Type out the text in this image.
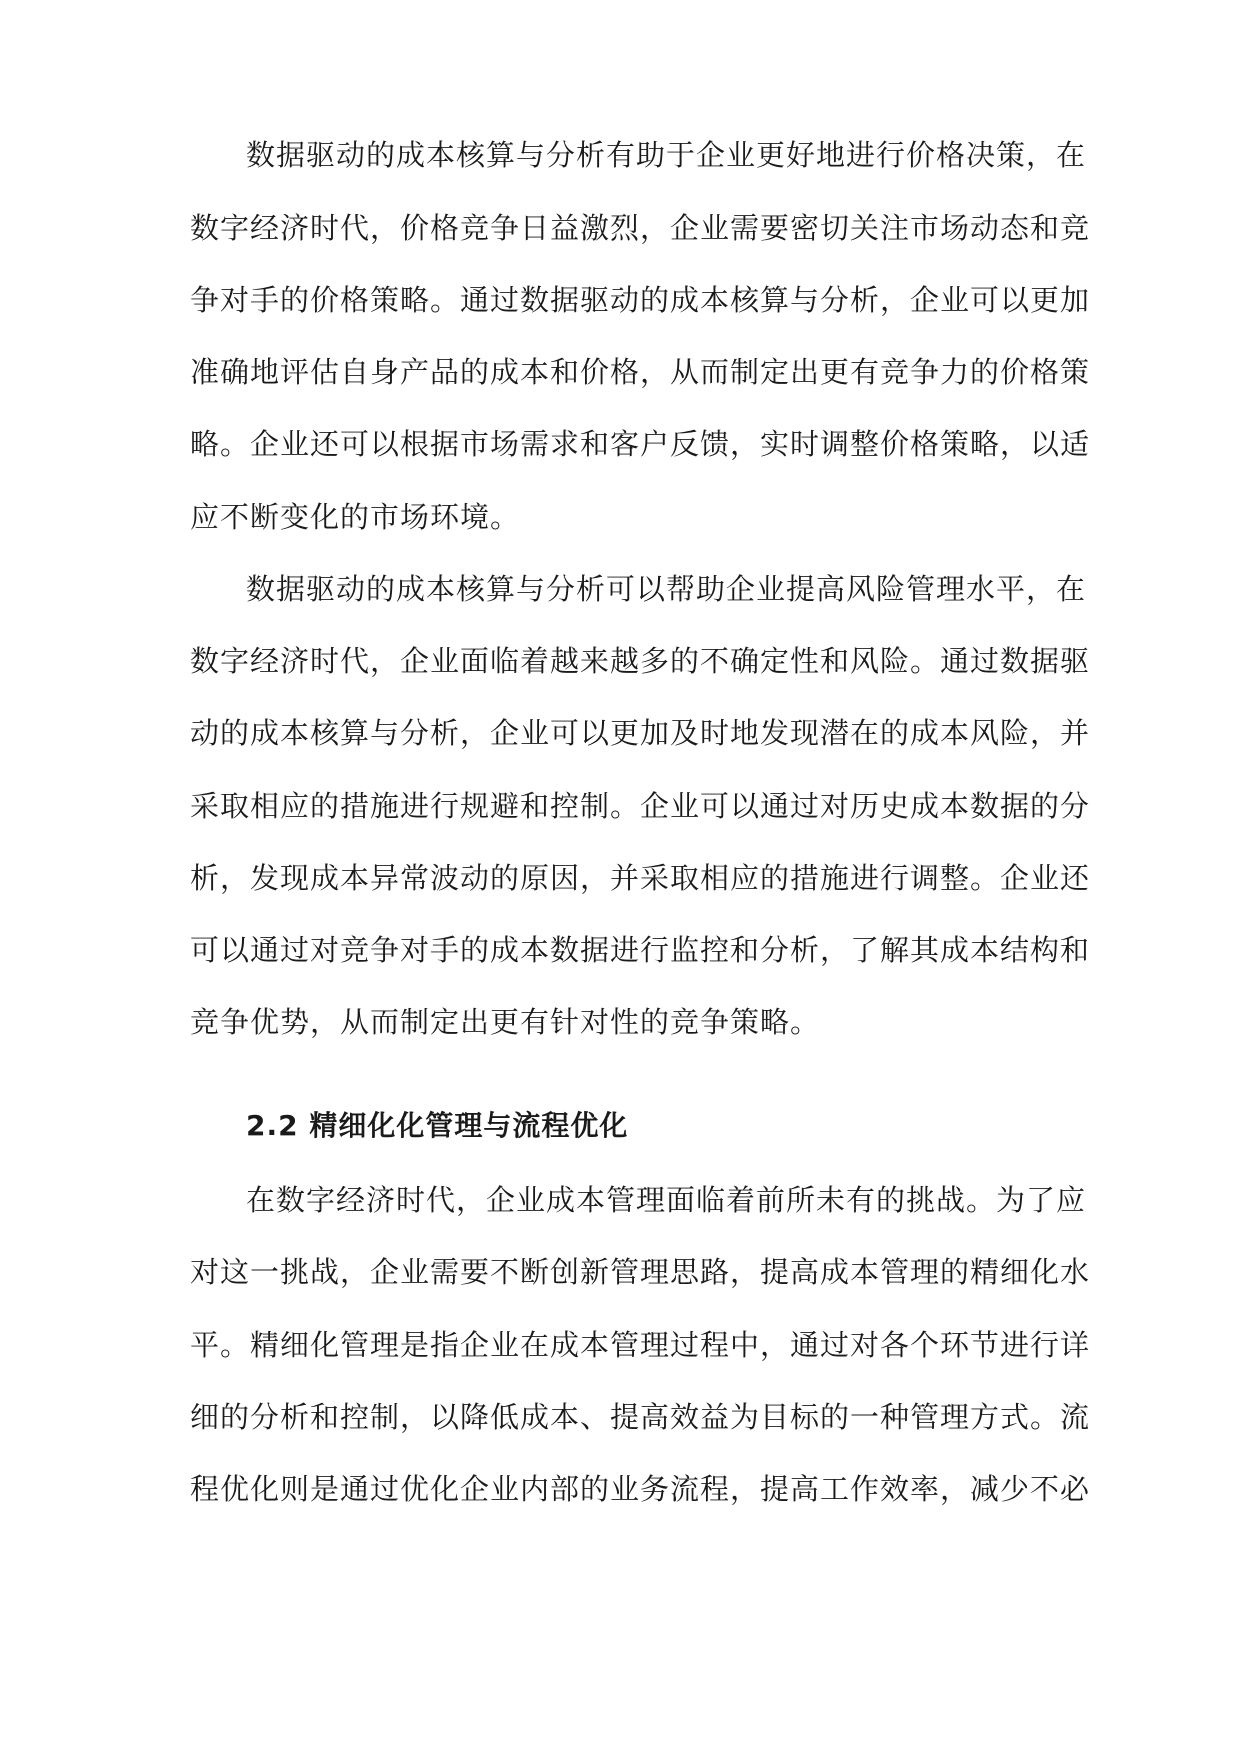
数据驱动的成本核算与分析有助于企业更好地进行价格决策，在
数字经济时代，价格竞争日益激烈，企业需要密切关注市场动态和竞
争对手的价格策略。通过数据驱动的成本核算与分析，企业可以更加
准确地评估自身产品的成本和价格，从而制定出更有竞争力的价格策
略。企业还可以根据市场需求和客户反馈，实时调整价格策略，以适
应不断变化的市场环境。
数据驱动的成本核算与分析可以帮助企业提高风险管理水平，在
数字经济时代，企业面临着越来越多的不确定性和风险。通过数据驱
动的成本核算与分析，企业可以更加及时地发现潜在的成本风险，并
采取相应的措施进行规避和控制。企业可以通过对历史成本数据的分
析，发现成本异常波动的原因，并采取相应的措施进行调整。企业还
可以通过对竞争对手的成本数据进行监控和分析，了解其成本结构和
竞争优势，从而制定出更有针对性的竞争策略。
2.2 精细化化管理与流程优化
在数字经济时代，企业成本管理面临着前所未有的挑战。为了应
对这一挑战，企业需要不断创新管理思路，提高成本管理的精细化水
平。精细化管理是指企业在成本管理过程中，通过对各个环节进行详
细的分析和控制，以降低成本、提高效益为目标的一种管理方式。流
程优化则是通过优化企业内部的业务流程，提高工作效率，减少不必
